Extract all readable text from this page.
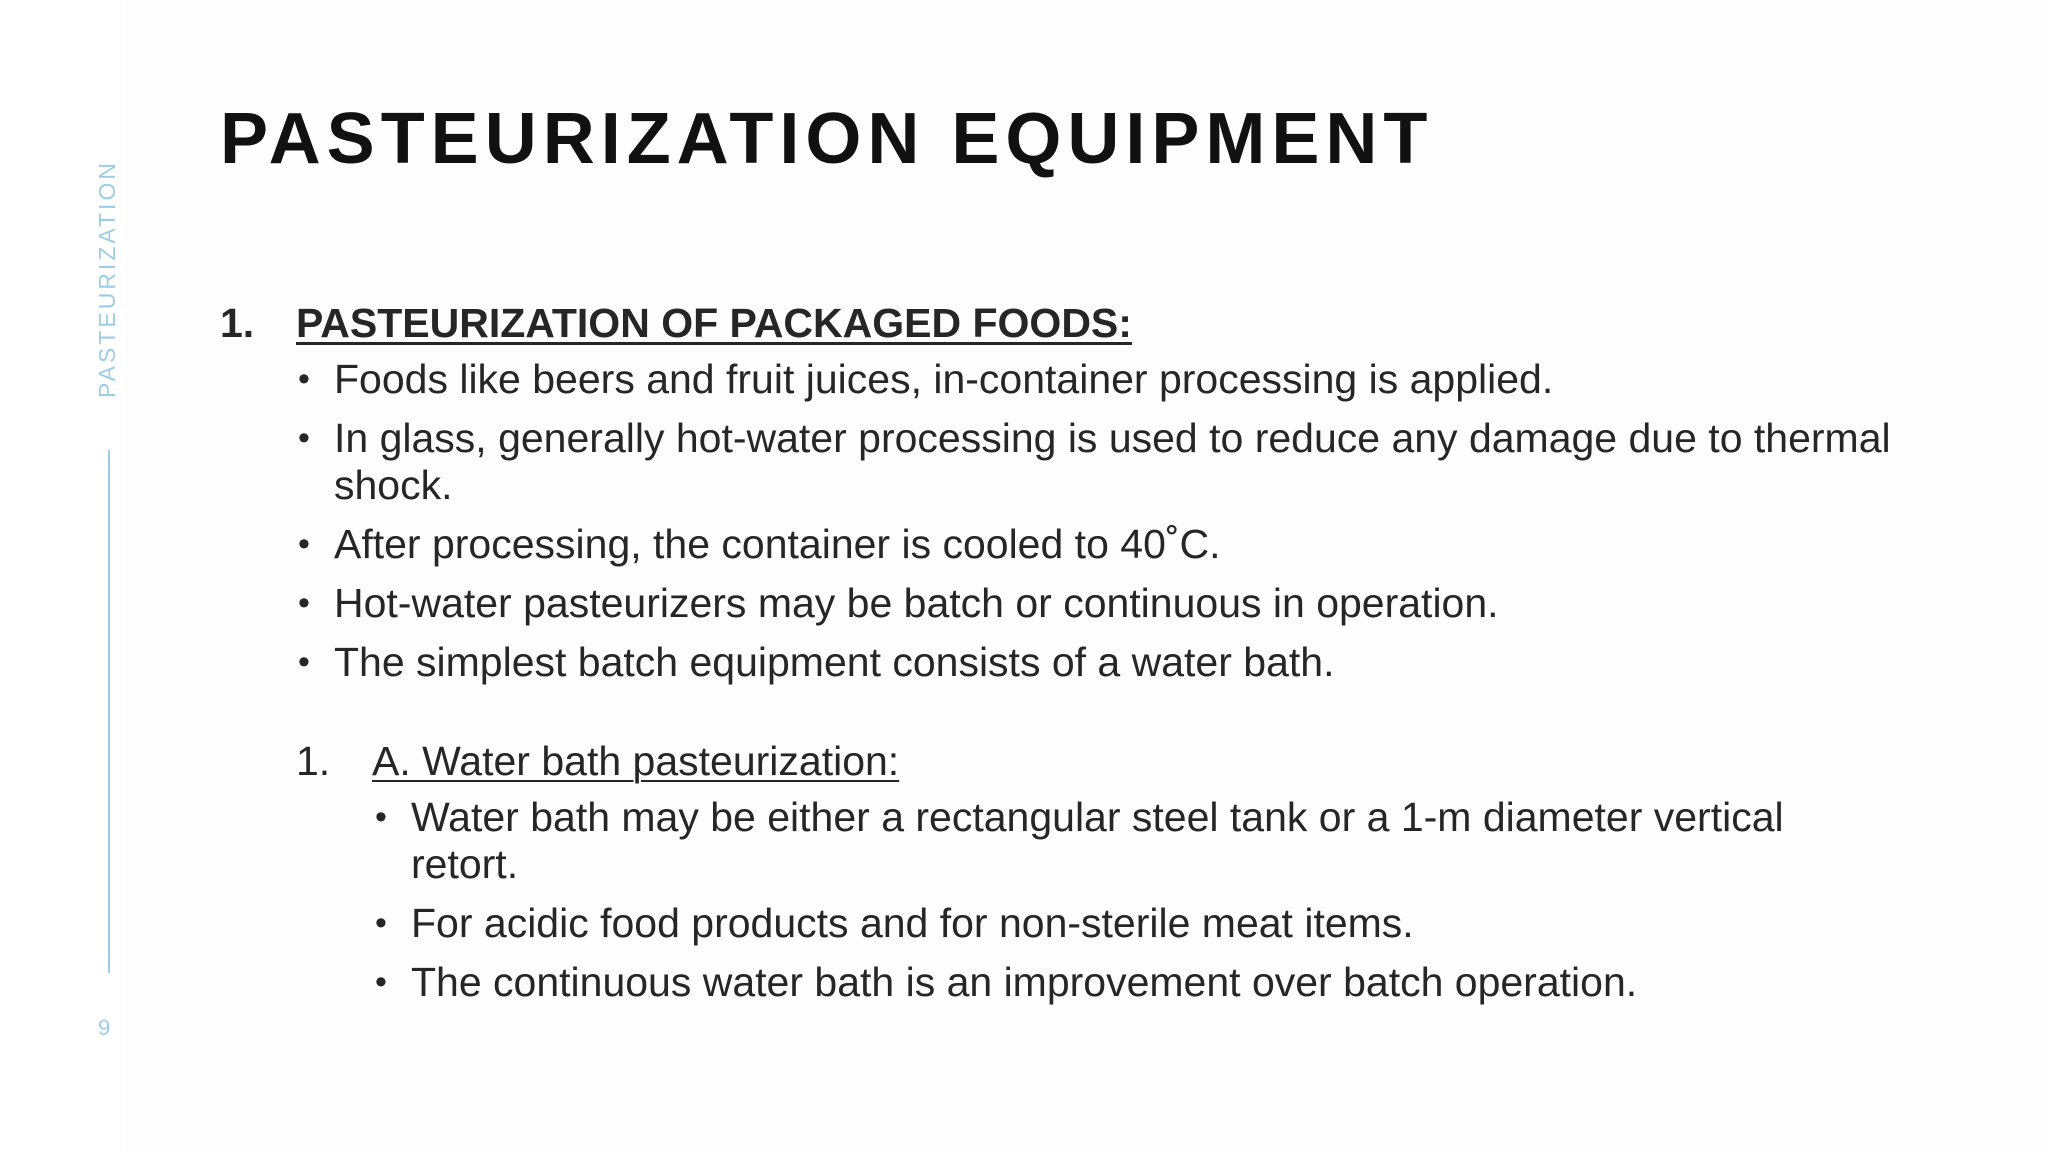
PASTEURIZATION
9
PASTEURIZATION EQUIPMENT
1. PASTEURIZATION OF PACKAGED FOODS:
• Foods like beers and fruit juices, in-container processing is applied.
• In glass, generally hot-water processing is used to reduce any damage due to thermal shock.
• After processing, the container is cooled to 40˚C.
• Hot-water pasteurizers may be batch or continuous in operation.
• The simplest batch equipment consists of a water bath.
1. A. Water bath pasteurization:
• Water bath may be either a rectangular steel tank or a 1-m diameter vertical retort.
• For acidic food products and for non-sterile meat items.
• The continuous water bath is an improvement over batch operation.
